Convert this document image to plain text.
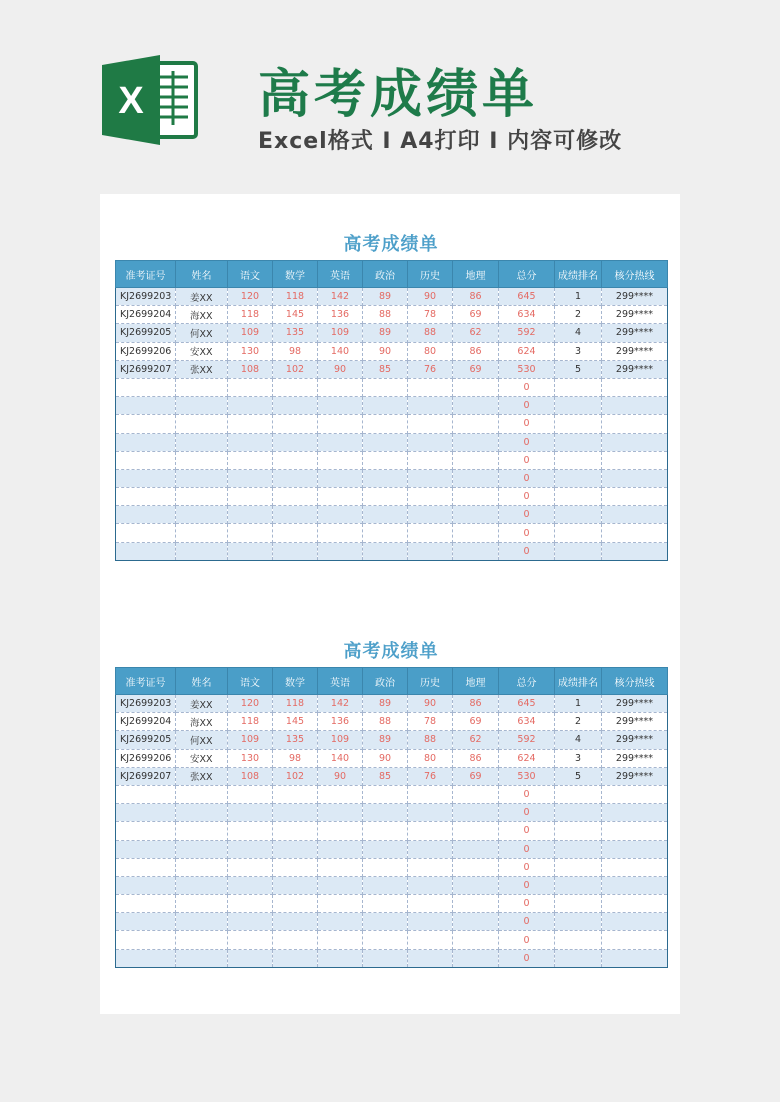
X 高考成绩单
Excel格式 I A4打印 I 内容可修改
高考成绩单
准考证号	姓名	语文	数学	英语	政治	历史	地理	总分	成绩排名	核分热线
KJ2699203	姜XX	120	118	142	89	90	86	645	1	299****
KJ2699204	海XX	118	145	136	88	78	69	634	2	299****
KJ2699205	何XX	109	135	109	89	88	62	592	4	299****
KJ2699206	安XX	130	98	140	90	80	86	624	3	299****
KJ2699207	张XX	108	102	90	85	76	69	530	5	299****
								0		
								0		
								0		
								0		
								0		
								0		
								0		
								0		
								0		
								0		
高考成绩单
准考证号	姓名	语文	数学	英语	政治	历史	地理	总分	成绩排名	核分热线
KJ2699203	姜XX	120	118	142	89	90	86	645	1	299****
KJ2699204	海XX	118	145	136	88	78	69	634	2	299****
KJ2699205	何XX	109	135	109	89	88	62	592	4	299****
KJ2699206	安XX	130	98	140	90	80	86	624	3	299****
KJ2699207	张XX	108	102	90	85	76	69	530	5	299****
								0		
								0		
								0		
								0		
								0		
								0		
								0		
								0		
								0		
								0		
